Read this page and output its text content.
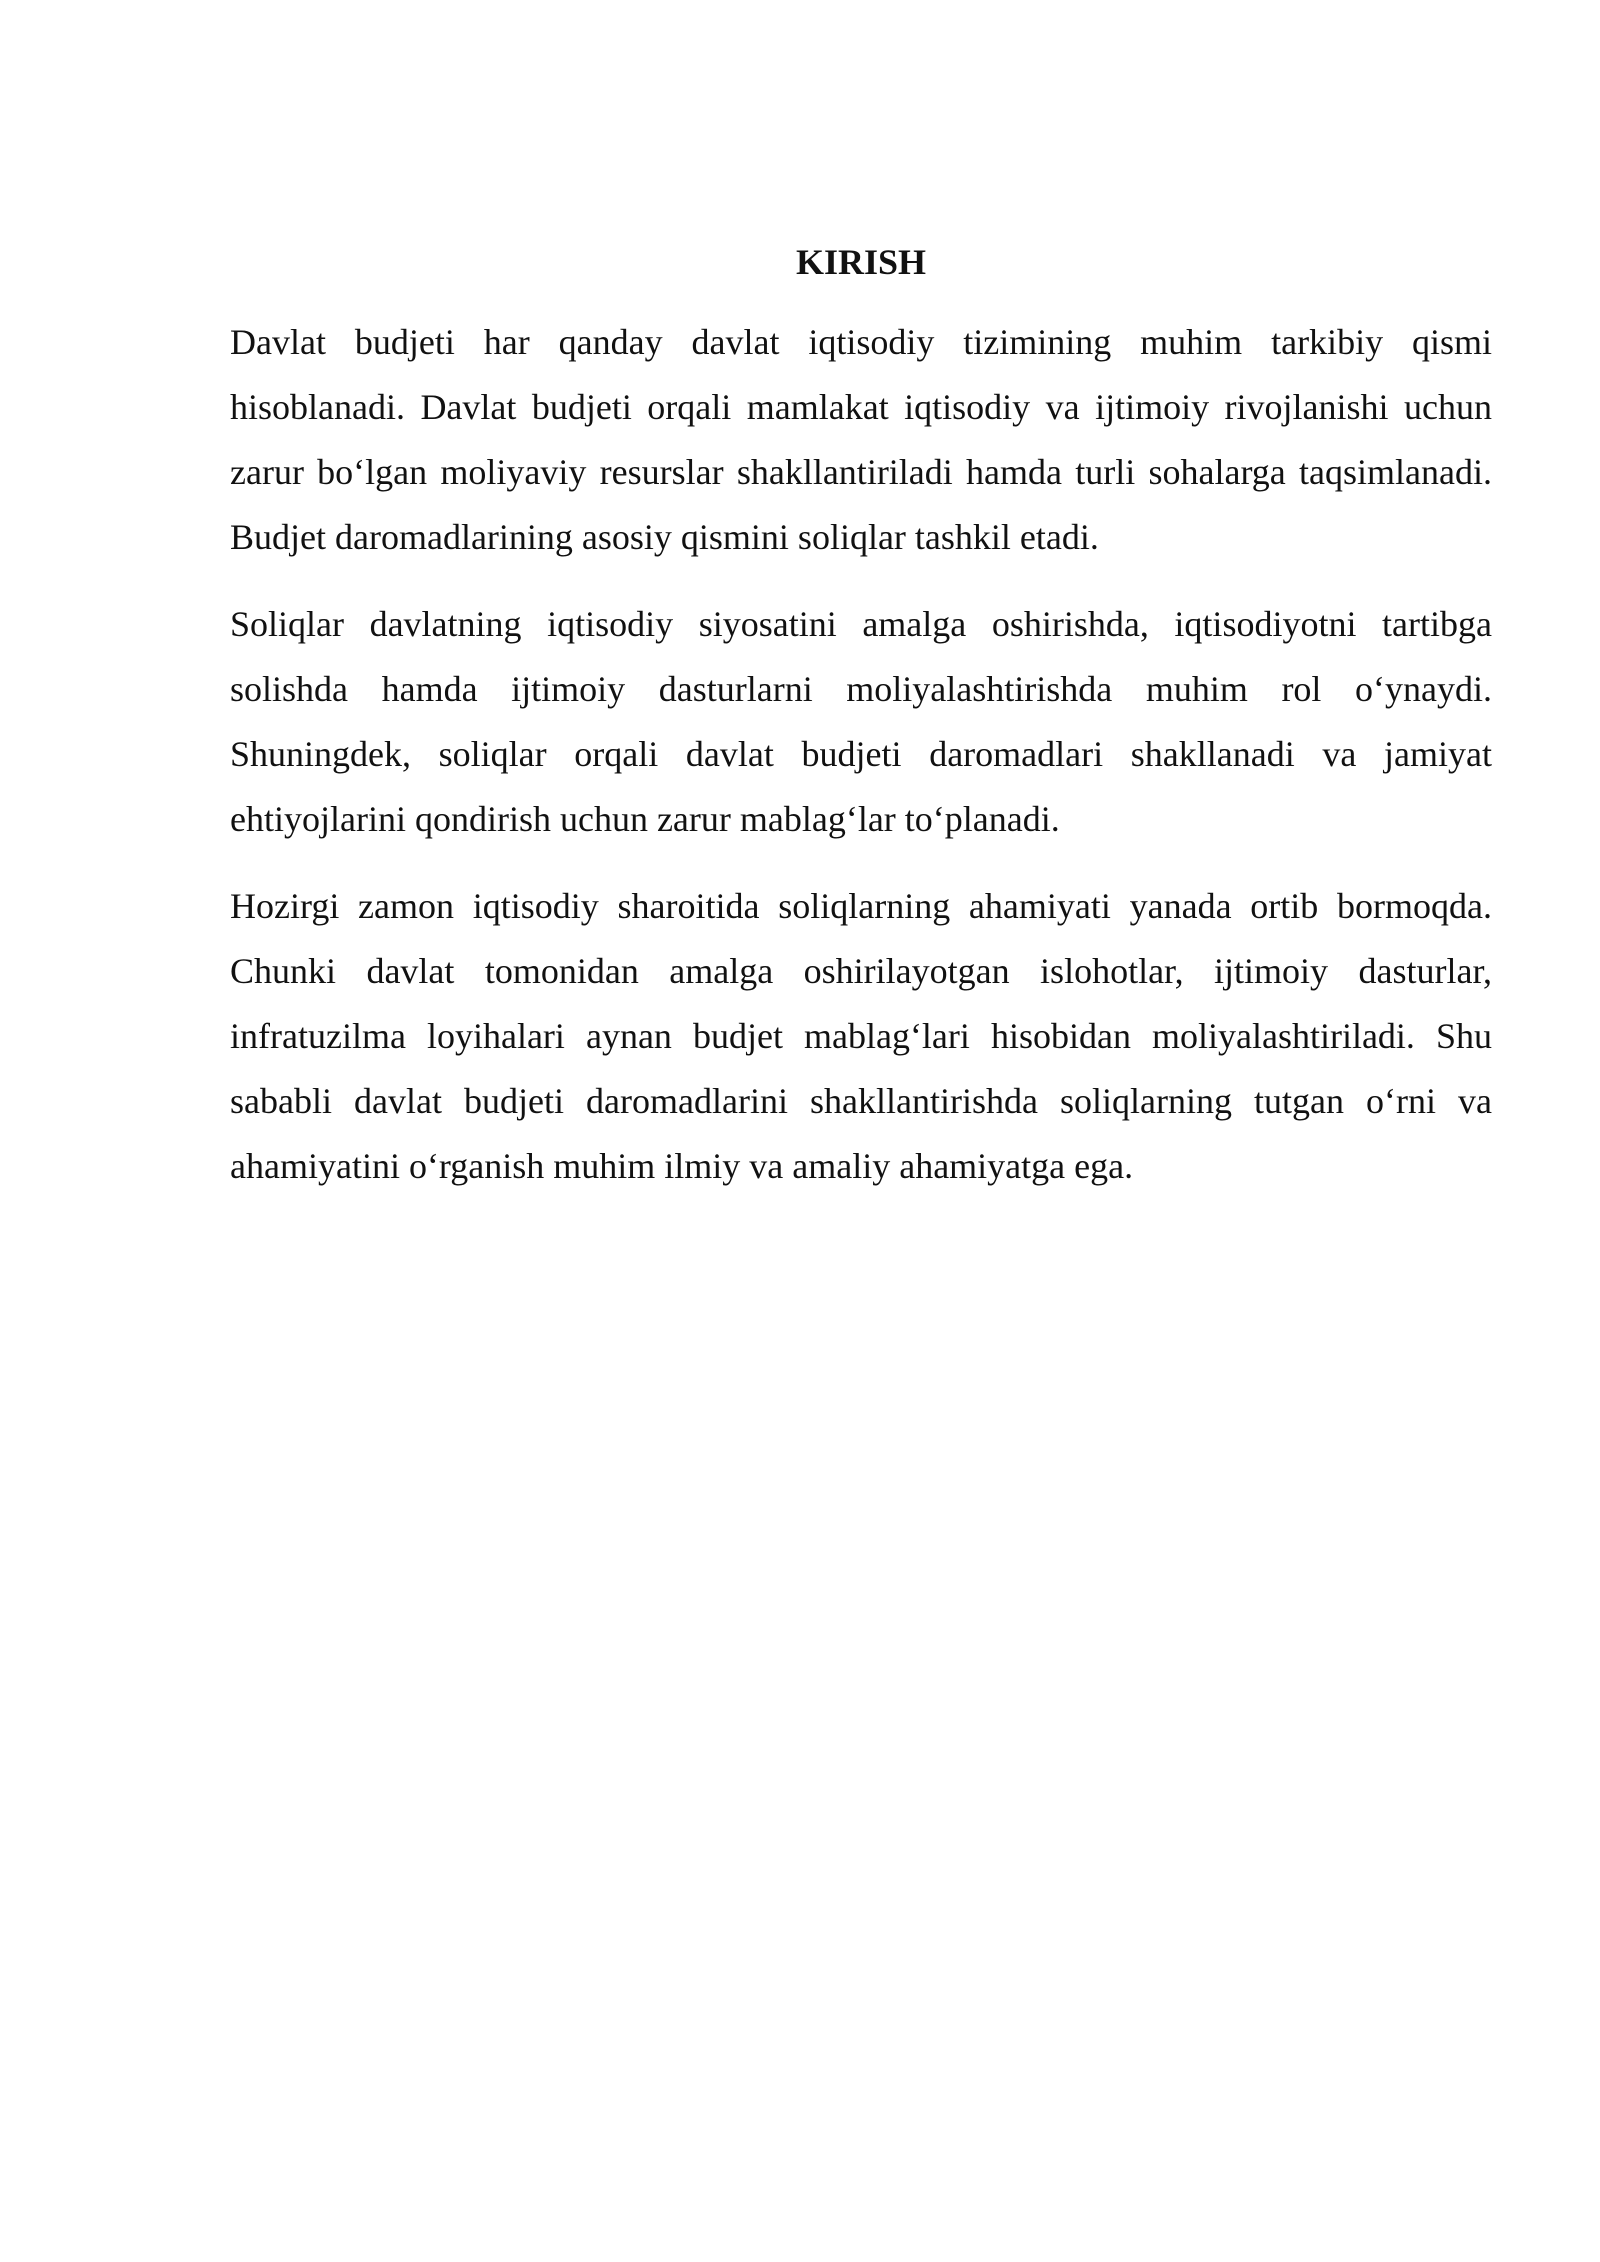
KIRISH

Davlat budjeti har qanday davlat iqtisodiy tizimining muhim tarkibiy qismi hisoblanadi. Davlat budjeti orqali mamlakat iqtisodiy va ijtimoiy rivojlanishi uchun zarur bo‘lgan moliyaviy resurslar shakllantiriladi hamda turli sohalarga taqsimlanadi. Budjet daromadlarining asosiy qismini soliqlar tashkil etadi.

Soliqlar davlatning iqtisodiy siyosatini amalga oshirishda, iqtisodiyotni tartibga solishda hamda ijtimoiy dasturlarni moliyalashtirishda muhim rol o‘ynaydi. Shuningdek, soliqlar orqali davlat budjeti daromadlari shakllanadi va jamiyat ehtiyojlarini qondirish uchun zarur mablag‘lar to‘planadi.

Hozirgi zamon iqtisodiy sharoitida soliqlarning ahamiyati yanada ortib bormoqda. Chunki davlat tomonidan amalga oshirilayotgan islohotlar, ijtimoiy dasturlar, infratuzilma loyihalari aynan budjet mablag‘lari hisobidan moliyalashtiriladi. Shu sababli davlat budjeti daromadlarini shakllantirishda soliqlarning tutgan o‘rni va ahamiyatini o‘rganish muhim ilmiy va amaliy ahamiyatga ega.
